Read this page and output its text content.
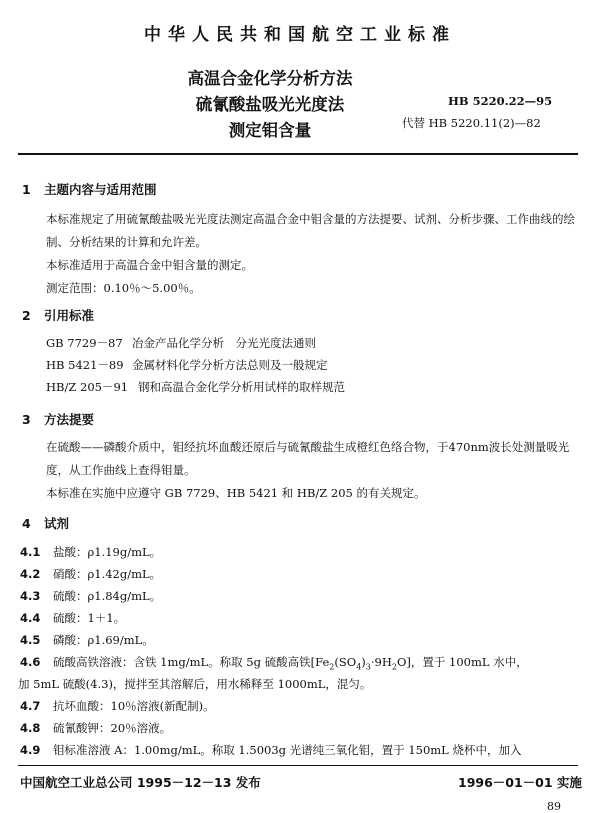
中华人民共和国航空工业标准
高温合金化学分析方法
硫氰酸盐吸光光度法
测定钼含量
HB 5220.22—95
代替 HB 5220.11(2)—82
1 主题内容与适用范围
本标准规定了用硫氰酸盐吸光光度法测定高温合金中钼含量的方法提要、试剂、分析步骤、工作曲线的绘制、分析结果的计算和允许差。
本标准适用于高温合金中钼含量的测定。
测定范围：0.10％～5.00％。
2 引用标准
GB 7729－87 冶金产品化学分析　分光光度法通则
HB 5421－89 金属材料化学分析方法总则及一般规定
HB/Z 205－91 钢和高温合金化学分析用试样的取样规范
3 方法提要
在硫酸——磷酸介质中，钼经抗坏血酸还原后与硫氰酸盐生成橙红色络合物，于470nm波长处测量吸光度，从工作曲线上查得钼量。
本标准在实施中应遵守 GB 7729、HB 5421 和 HB/Z 205 的有关规定。
4 试剂
4.1 盐酸：ρ1.19g/mL。
4.2 硝酸：ρ1.42g/mL。
4.3 硫酸：ρ1.84g/mL。
4.4 硫酸：1＋1。
4.5 磷酸：ρ1.69/mL。
4.6 硫酸高铁溶液：含铁 1mg/mL。称取 5g 硫酸高铁$[Fe_2(SO_4)_3\cdot 9H_2O]$，置于 100mL 水中，
加 5mL 硫酸(4.3)，搅拌至其溶解后，用水稀释至 1000mL，混匀。
4.7 抗坏血酸：10％溶液(新配制)。
4.8 硫氰酸钾：20％溶液。
4.9 钼标准溶液 A：1.00mg/mL。称取 1.5003g 光谱纯三氧化钼，置于 150mL 烧杯中，加入
中国航空工业总公司 1995－12－13 发布	1996－01－01 实施
89
